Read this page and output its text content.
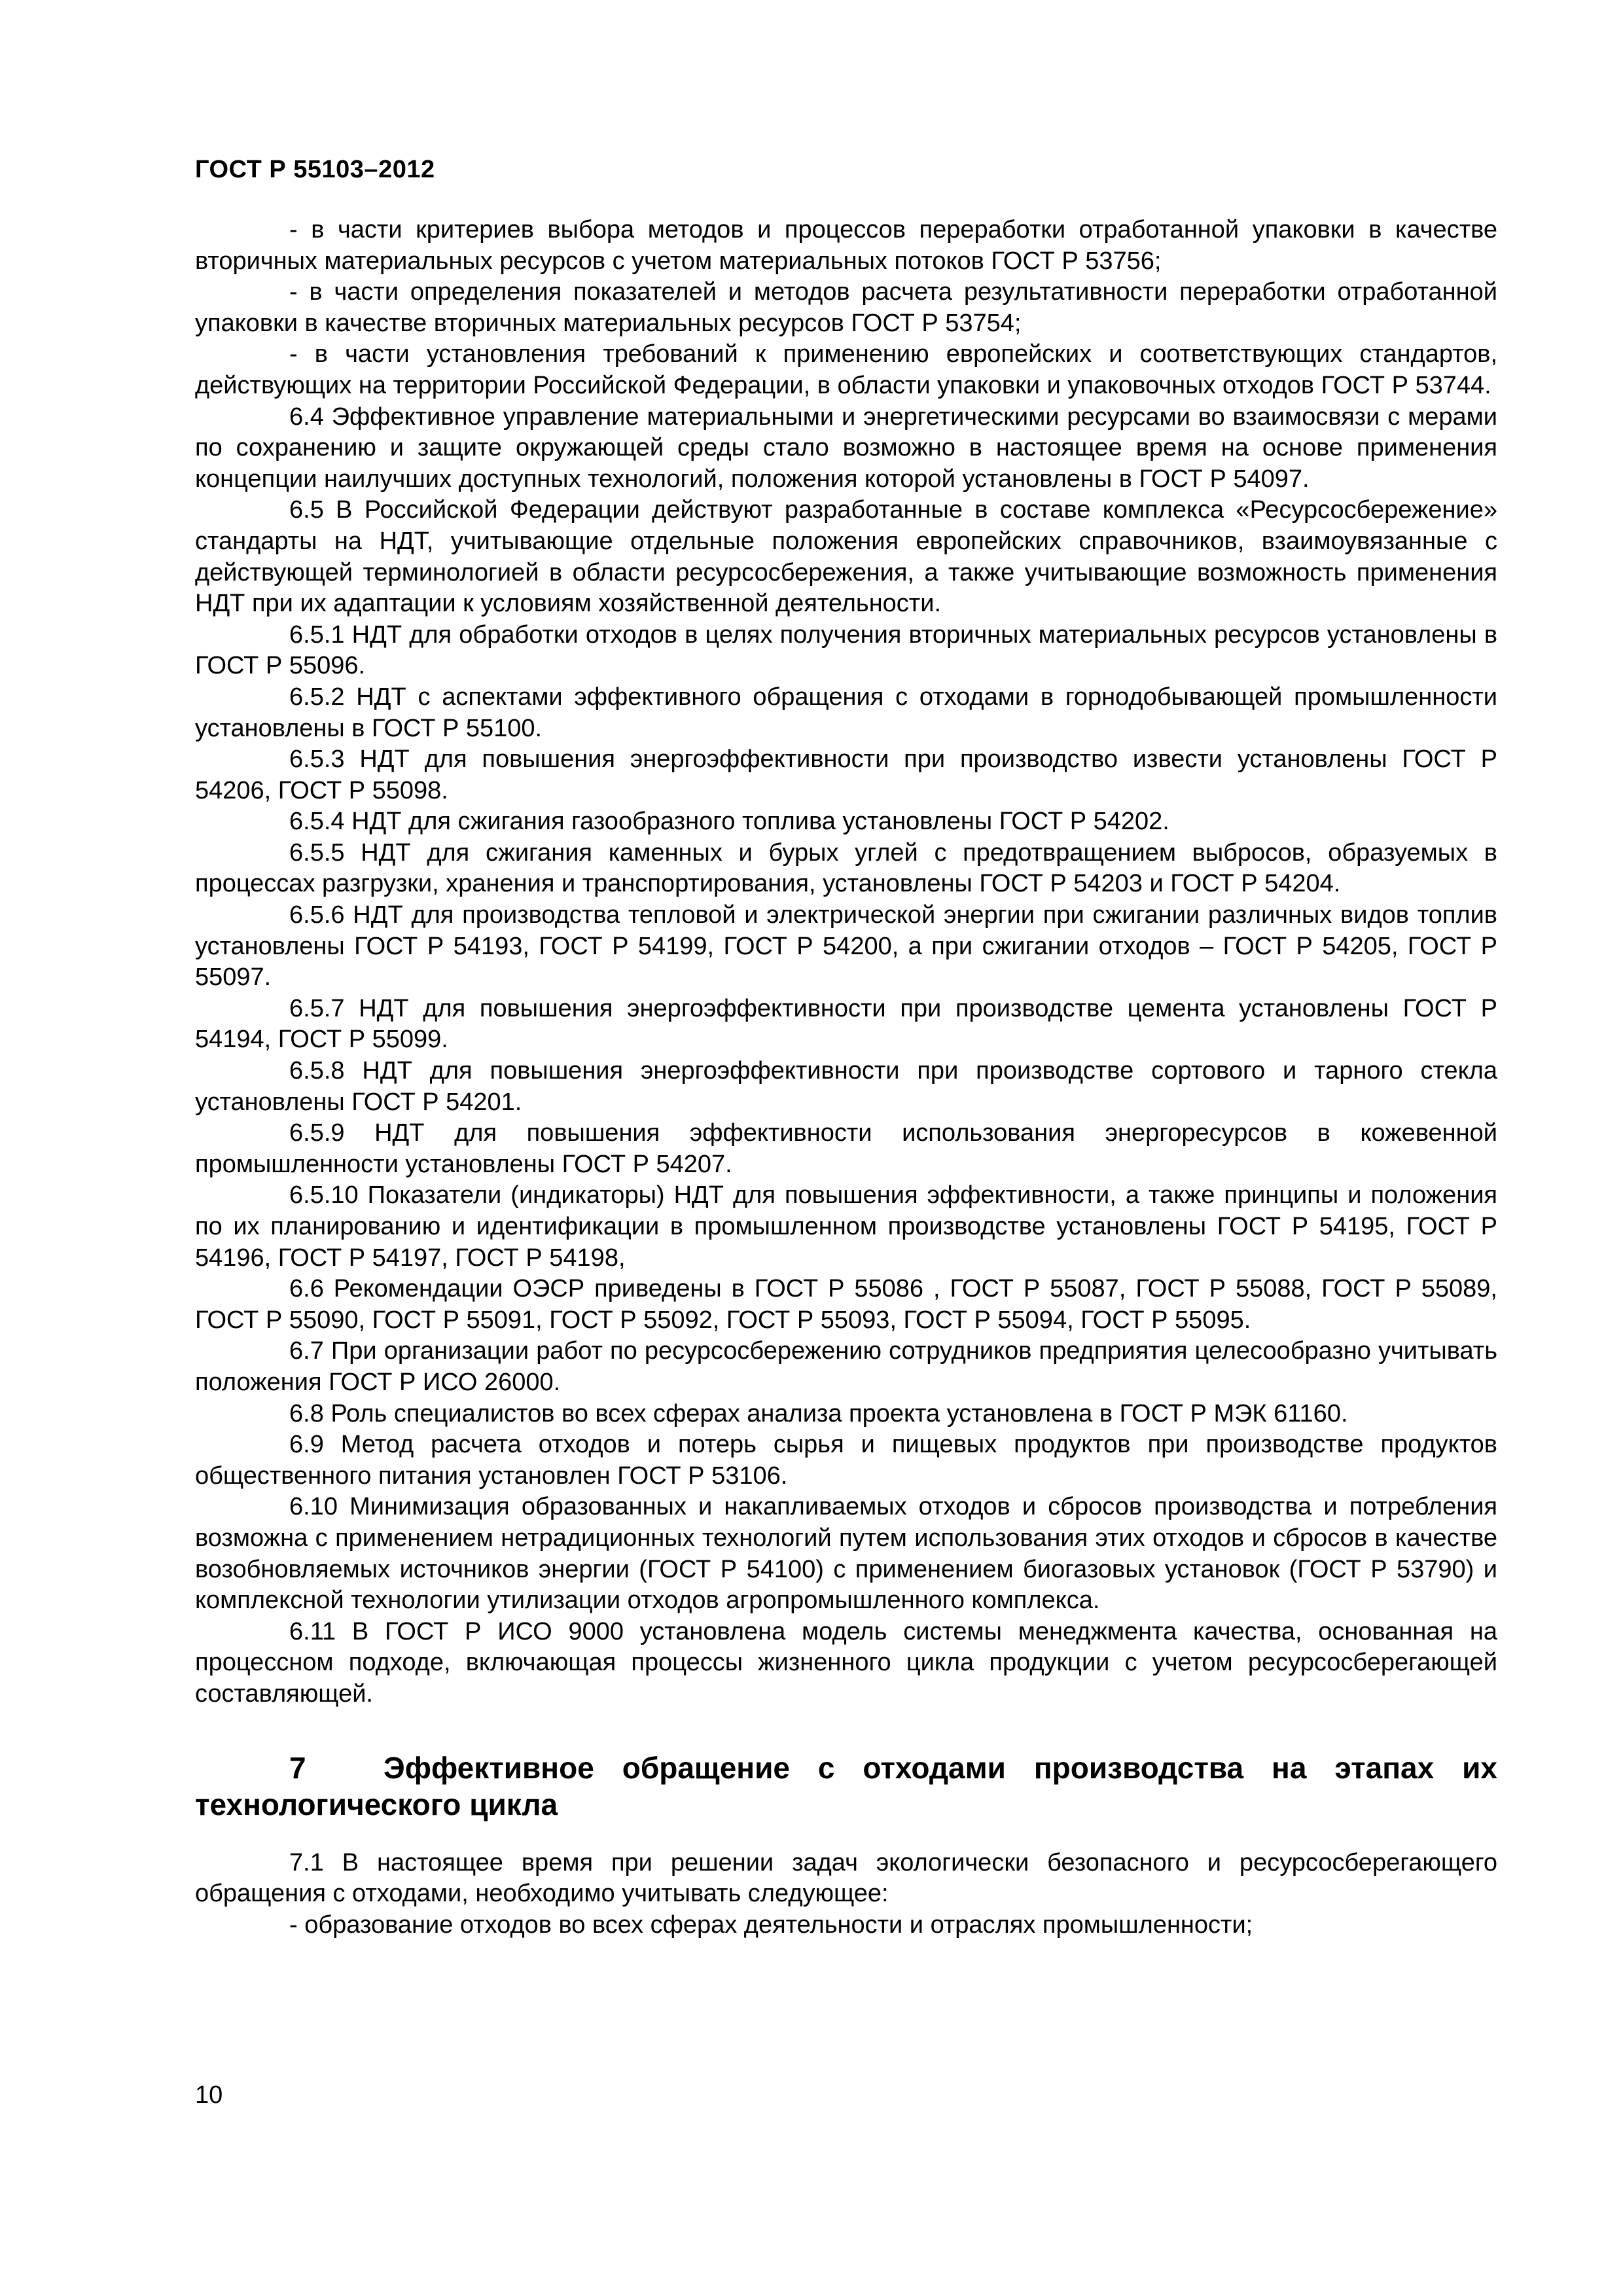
ГОСТ Р 55103–2012

- в части критериев выбора методов и процессов переработки отработанной упаковки в качестве вторичных материальных ресурсов с учетом материальных потоков ГОСТ Р 53756;

- в части определения показателей и методов расчета результативности переработки отработанной упаковки в качестве вторичных материальных ресурсов ГОСТ Р 53754;

- в части установления требований к применению европейских и соответствующих стандартов, действующих на территории Российской Федерации, в области упаковки и упаковочных отходов ГОСТ Р 53744.

6.4 Эффективное управление материальными и энергетическими ресурсами во взаимосвязи с мерами по сохранению и защите окружающей среды стало возможно в настоящее время на основе применения концепции наилучших доступных технологий, положения которой установлены в ГОСТ Р 54097.

6.5 В Российской Федерации действуют разработанные в составе комплекса «Ресурсосбережение» стандарты на НДТ, учитывающие отдельные положения европейских справочников, взаимоувязанные с действующей терминологией в области ресурсосбережения, а также учитывающие возможность применения НДТ при их адаптации к условиям хозяйственной деятельности.

6.5.1 НДТ для обработки отходов в целях получения вторичных материальных ресурсов установлены в ГОСТ Р 55096.

6.5.2 НДТ с аспектами эффективного обращения с отходами в горнодобывающей промышленности установлены в ГОСТ Р 55100.

6.5.3 НДТ для повышения энергоэффективности при производство извести установлены ГОСТ Р 54206, ГОСТ Р 55098.

6.5.4 НДТ для сжигания газообразного топлива установлены ГОСТ Р 54202.

6.5.5 НДТ для сжигания каменных и бурых углей с предотвращением выбросов, образуемых в процессах разгрузки, хранения и транспортирования, установлены ГОСТ Р 54203 и ГОСТ Р 54204.

6.5.6 НДТ для производства тепловой и электрической энергии при сжигании различных видов топлив установлены ГОСТ Р 54193, ГОСТ Р 54199, ГОСТ Р 54200, а при сжигании отходов – ГОСТ Р 54205, ГОСТ Р 55097.

6.5.7 НДТ для повышения энергоэффективности при производстве цемента установлены ГОСТ Р 54194, ГОСТ Р 55099.

6.5.8 НДТ для повышения энергоэффективности при производстве сортового и тарного стекла установлены ГОСТ Р 54201.

6.5.9 НДТ для повышения эффективности использования энергоресурсов в кожевенной промышленности установлены ГОСТ Р 54207.

6.5.10 Показатели (индикаторы) НДТ для повышения эффективности, а также принципы и положения по их планированию и идентификации в промышленном производстве установлены ГОСТ Р 54195, ГОСТ Р 54196, ГОСТ Р 54197, ГОСТ Р 54198,

6.6 Рекомендации ОЭСР приведены в ГОСТ Р 55086 , ГОСТ Р 55087, ГОСТ Р 55088, ГОСТ Р 55089, ГОСТ Р 55090, ГОСТ Р 55091, ГОСТ Р 55092, ГОСТ Р 55093, ГОСТ Р 55094, ГОСТ Р 55095.

6.7 При организации работ по ресурсосбережению сотрудников предприятия целесообразно учитывать положения ГОСТ Р ИСО 26000.

6.8 Роль специалистов во всех сферах анализа проекта установлена в ГОСТ Р МЭК 61160.

6.9 Метод расчета отходов и потерь сырья и пищевых продуктов при производстве продуктов общественного питания установлен ГОСТ Р 53106.

6.10 Минимизация образованных и накапливаемых отходов и сбросов производства и потребления возможна с применением нетрадиционных технологий путем использования этих отходов и сбросов в качестве возобновляемых источников энергии (ГОСТ Р 54100) с применением биогазовых установок (ГОСТ Р 53790) и комплексной технологии утилизации отходов агропромышленного комплекса.

6.11 В ГОСТ Р ИСО 9000 установлена модель системы менеджмента качества, основанная на процессном подходе, включающая процессы жизненного цикла продукции с учетом ресурсосберегающей составляющей.

7	Эффективное обращение с отходами производства на этапах их технологического цикла

7.1 В настоящее время при решении задач экологически безопасного и ресурсосберегающего обращения с отходами, необходимо учитывать следующее:

- образование отходов во всех сферах деятельности и отраслях промышленности;

10
